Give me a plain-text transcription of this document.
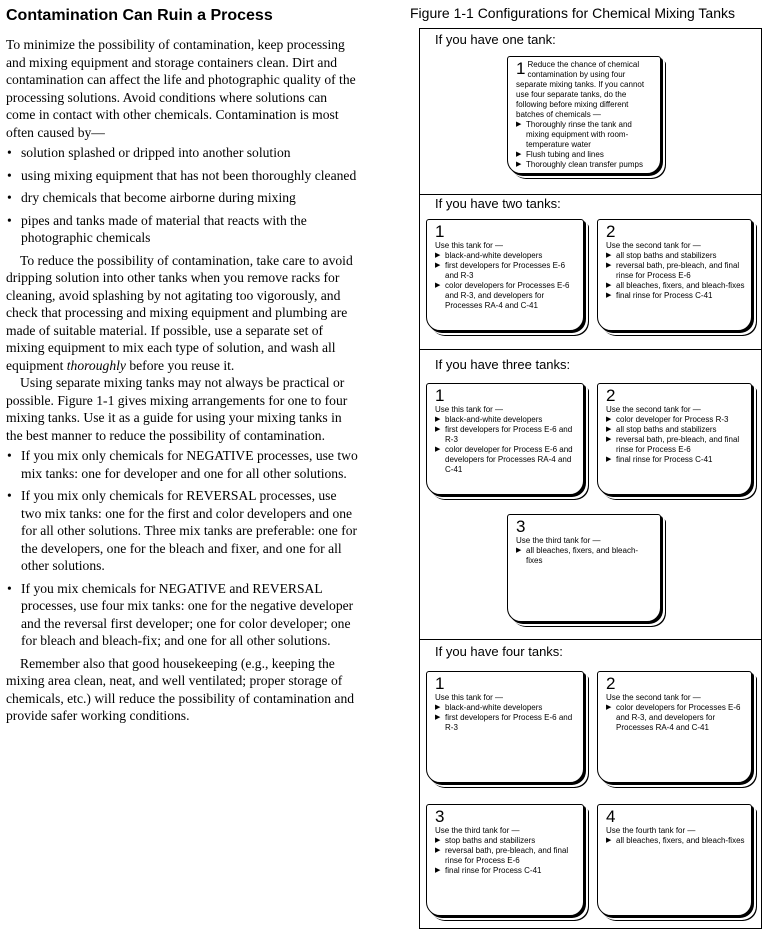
Contamination Can Ruin a Process

To minimize the possibility of contamination, keep processing and mixing equipment and storage containers clean. Dirt and contamination can affect the life and photographic quality of the processing solutions. Avoid conditions where solutions can come in contact with other chemicals. Contamination is most often caused by—

• solution splashed or dripped into another solution
• using mixing equipment that has not been thoroughly cleaned
• dry chemicals that become airborne during mixing
• pipes and tanks made of material that reacts with the photographic chemicals

To reduce the possibility of contamination, take care to avoid dripping solution into other tanks when you remove racks for cleaning, avoid splashing by not agitating too vigorously, and check that processing and mixing equipment and plumbing are made of suitable material. If possible, use a separate set of mixing equipment to mix each type of solution, and wash all equipment thoroughly before you reuse it.

Using separate mixing tanks may not always be practical or possible. Figure 1-1 gives mixing arrangements for one to four mixing tanks. Use it as a guide for using your mixing tanks in the best manner to reduce the possibility of contamination.

• If you mix only chemicals for NEGATIVE processes, use two mix tanks: one for developer and one for all other solutions.
• If you mix only chemicals for REVERSAL processes, use two mix tanks: one for the first and color developers and one for all other solutions. Three mix tanks are preferable: one for the developers, one for the bleach and fixer, and one for all other solutions.
• If you mix chemicals for NEGATIVE and REVERSAL processes, use four mix tanks: one for the negative developer and the reversal first developer; one for color developer; one for bleach and bleach-fix; and one for all other solutions.

Remember also that good housekeeping (e.g., keeping the mixing area clean, neat, and well ventilated; proper storage of chemicals, etc.) will reduce the possibility of contamination and provide safer working conditions.

Figure 1-1 Configurations for Chemical Mixing Tanks
If you have one tank:
1 Reduce the chance of chemical contamination by using four separate mixing tanks. If you cannot use four separate tanks, do the following before mixing different batches of chemicals —
▶ Thoroughly rinse the tank and mixing equipment with room-temperature water
▶ Flush tubing and lines
▶ Thoroughly clean transfer pumps
If you have two tanks:
1
Use this tank for —
▶ black-and-white developers
▶ first developers for Processes E-6 and R-3
▶ color developers for Processes E-6 and R-3, and developers for Processes RA-4 and C-41
2
Use the second tank for —
▶ all stop baths and stabilizers
▶ reversal bath, pre-bleach, and final rinse for Process E-6
▶ all bleaches, fixers, and bleach-fixes
▶ final rinse for Process C-41
If you have three tanks:
1
Use this tank for —
▶ black-and-white developers
▶ first developers for Process E-6 and R-3
▶ color developer for Process E-6 and developers for Processes RA-4 and C-41
2
Use the second tank for —
▶ color developer for Process R-3
▶ all stop baths and stabilizers
▶ reversal bath, pre-bleach, and final rinse for Process E-6
▶ final rinse for Process C-41
3
Use the third tank for —
▶ all bleaches, fixers, and bleach-fixes
If you have four tanks:
1
Use this tank for —
▶ black-and-white developers
▶ first developers for Process E-6 and R-3
2
Use the second tank for —
▶ color developers for Processes E-6 and R-3, and developers for Processes RA-4 and C-41
3
Use the third tank for —
▶ stop baths and stabilizers
▶ reversal bath, pre-bleach, and final rinse for Process E-6
▶ final rinse for Process C-41
4
Use the fourth tank for —
▶ all bleaches, fixers, and bleach-fixes
